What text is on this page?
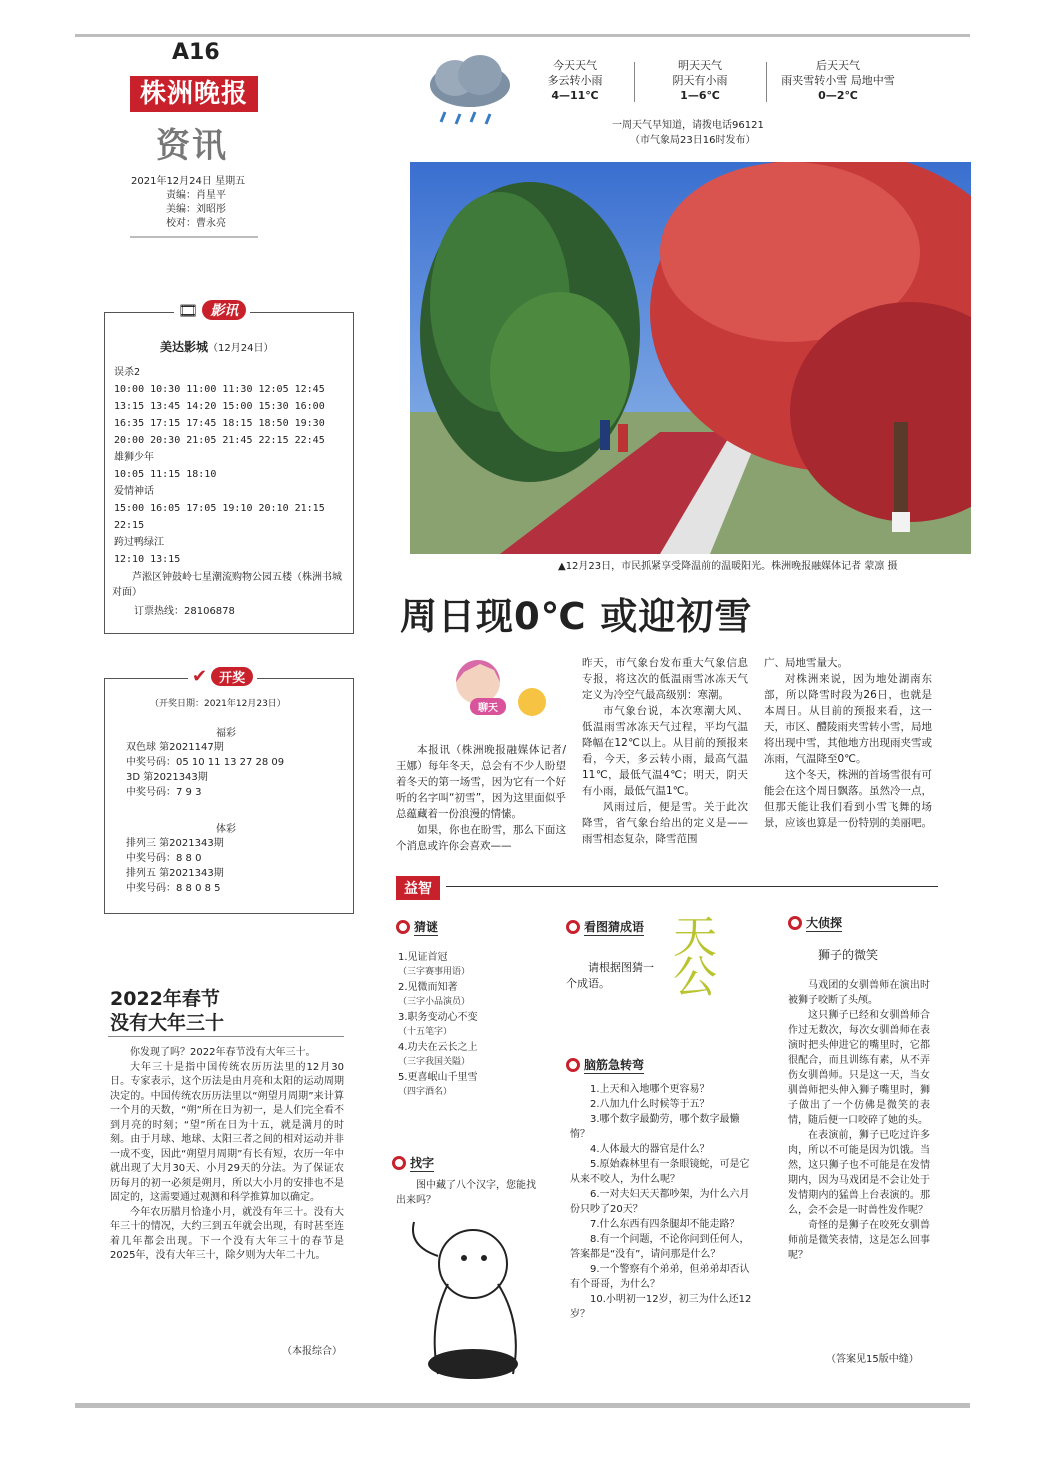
A16
株洲晚报
资讯
2021年12月24日 星期五
责编：肖星平
美编：刘昭彤
校对：曹永亮
今天天气
多云转小雨
4—11℃
明天天气
阴天有小雨
1—6℃
后天天气
雨夹雪转小雪 局地中雪
0—2℃
一周天气早知道，请拨电话96121
（市气象局23日16时发布）
▲12月23日，市民抓紧享受降温前的温暖阳光。株洲晚报融媒体记者 蒙凛 摄
🎞 影讯
美达影城（12月24日）
误杀2
10:00 10:30 11:00 11:30 12:05 12:45
13:15 13:45 14:20 15:00 15:30 16:00
16:35 17:15 17:45 18:15 18:50 19:30
20:00 20:30 21:05 21:45 22:15 22:45
雄狮少年
10:05 11:15 18:10
爱情神话
15:00 16:05 17:05 19:10 20:10 21:15
22:15
跨过鸭绿江
12:10 13:15
芦淞区钟鼓岭七星潮流购物公园五楼（株洲书城对面）
订票热线：28106878
✔ 开奖
（开奖日期：2021年12月23日）
福彩
双色球 第2021147期
中奖号码：05 10 11 13 27 28 09
3D 第2021343期
中奖号码：7 9 3
体彩
排列三 第2021343期
中奖号码：8 8 0
排列五 第2021343期
中奖号码：8 8 0 8 5
2022年春节
没有大年三十

你发现了吗？2022年春节没有大年三十。

大年三十是指中国传统农历历法里的12月30日。专家表示，这个历法是由月亮和太阳的运动周期决定的。中国传统农历历法里以“朔望月周期”来计算一个月的天数，“朔”所在日为初一，是人们完全看不到月亮的时刻；“望”所在日为十五，就是满月的时刻。由于月球、地球、太阳三者之间的相对运动并非一成不变，因此“朔望月周期”有长有短，农历一年中就出现了大月30天、小月29天的分法。为了保证农历每月的初一必须是朔月，所以大小月的安排也不是固定的，这需要通过观测和科学推算加以确定。

今年农历腊月恰逢小月，就没有年三十。没有大年三十的情况，大约三到五年就会出现，有时甚至连着几年都会出现。下一个没有大年三十的春节是2025年，没有大年三十，除夕则为大年二十九。

（本报综合）
周日现0℃ 或迎初雪
聊天

本报讯（株洲晚报融媒体记者/王娜）每年冬天，总会有不少人盼望着冬天的第一场雪，因为它有一个好听的名字叫“初雪”，因为这里面似乎总蕴藏着一份浪漫的情愫。

如果，你也在盼雪，那么下面这个消息或许你会喜欢——

昨天，市气象台发布重大气象信息专报，将这次的低温雨雪冰冻天气定义为冷空气最高级别：寒潮。

市气象台说，本次寒潮大风、低温雨雪冰冻天气过程，平均气温降幅在12℃以上。从目前的预报来看，今天，多云转小雨，最高气温11℃，最低气温4℃；明天，阴天有小雨，最低气温1℃。

风雨过后，便是雪。关于此次降雪，省气象台给出的定义是——雨雪相态复杂，降雪范围

广、局地雪量大。

对株洲来说，因为地处湖南东部，所以降雪时段为26日，也就是本周日。从目前的预报来看，这一天，市区、醴陵雨夹雪转小雪，局地将出现中雪，其他地方出现雨夹雪或冻雨，气温降至0℃。

这个冬天，株洲的首场雪很有可能会在这个周日飘落。虽然冷一点，但那天能让我们看到小雪飞舞的场景，应该也算是一份特别的美丽吧。

益智
猜谜
1.见证首冠
（三字赛事用语）
2.见微而知著
（三字小品演员）
3.职务变动心不变
（十五笔字）
4.功夫在云长之上
（三字我国关隘）
5.更喜岷山千里雪
（四字酒名）
找字
图中藏了八个汉字，您能找出来吗？
看图猜成语
请根据图猜一个成语。
天
公
脑筋急转弯

1.上天和入地哪个更容易？

2.八加九什么时候等于五？

3.哪个数字最勤劳，哪个数字最懒惰？

4.人体最大的器官是什么？

5.原始森林里有一条眼镜蛇，可是它从来不咬人，为什么呢？

6.一对夫妇天天都吵架，为什么六月份只吵了20天？

7.什么东西有四条腿却不能走路？

8.有一个问题，不论你问到任何人，答案都是“没有”，请问那是什么？

9.一个警察有个弟弟，但弟弟却否认有个哥哥，为什么？

10.小明初一12岁，初三为什么还12岁？

大侦探
狮子的微笑

马戏团的女驯兽师在演出时被狮子咬断了头颅。

这只狮子已经和女驯兽师合作过无数次，每次女驯兽师在表演时把头伸进它的嘴里时，它都很配合，而且训练有素，从不弄伤女驯兽师。只是这一天，当女驯兽师把头伸入狮子嘴里时，狮子做出了一个仿佛是微笑的表情，随后便一口咬碎了她的头。

在表演前，狮子已吃过许多肉，所以不可能是因为饥饿。当然，这只狮子也不可能是在发情期内，因为马戏团是不会让处于发情期内的猛兽上台表演的。那么，会不会是一时兽性发作呢？

奇怪的是狮子在咬死女驯兽师前是微笑表情，这是怎么回事呢？

（答案见15版中缝）
